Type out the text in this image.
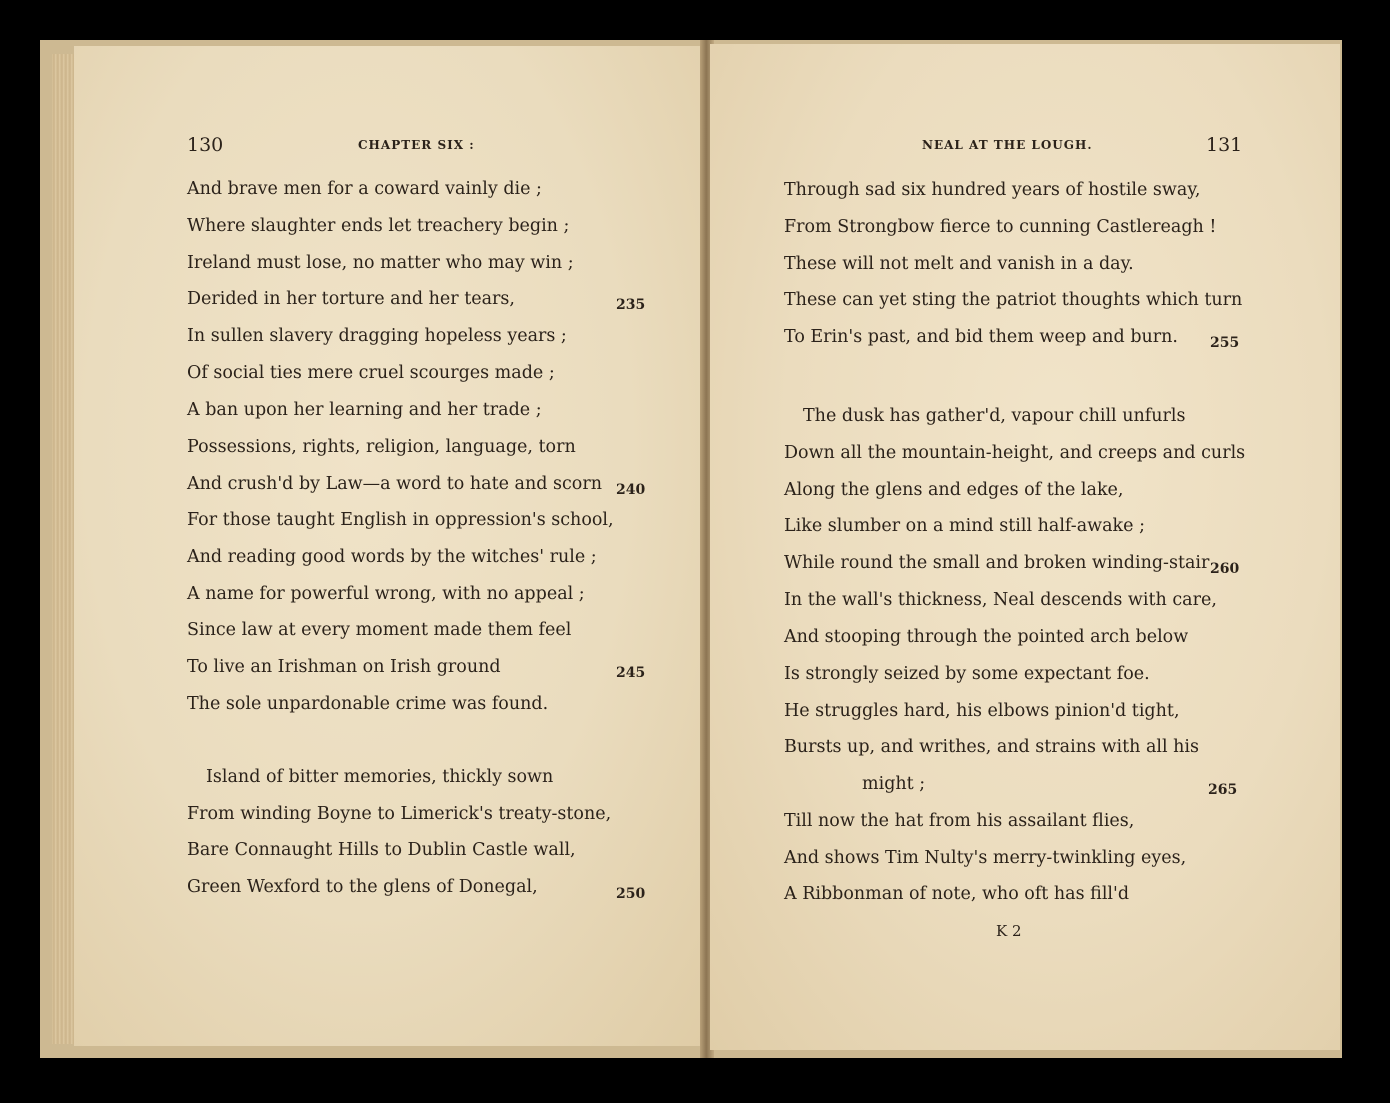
130	CHAPTER SIX :
And brave men for a coward vainly die ;
Where slaughter ends let treachery begin ;
Ireland must lose, no matter who may win ;
Derided in her torture and her tears,	235
In sullen slavery dragging hopeless years ;
Of social ties mere cruel scourges made ;
A ban upon her learning and her trade ;
Possessions, rights, religion, language, torn
And crush'd by Law—a word to hate and scorn 240
For those taught English in oppression's school,
And reading good words by the witches' rule ;
A name for powerful wrong, with no appeal ;
Since law at every moment made them feel
To live an Irishman on Irish ground	245
The sole unpardonable crime was found.
Island of bitter memories, thickly sown
From winding Boyne to Limerick's treaty-stone,
Bare Connaught Hills to Dublin Castle wall,
Green Wexford to the glens of Donegal,	250
NEAL AT THE LOUGH.	131
Through sad six hundred years of hostile sway,
From Strongbow fierce to cunning Castlereagh !
These will not melt and vanish in a day.
These can yet sting the patriot thoughts which turn
To Erin's past, and bid them weep and burn. 255
The dusk has gather'd, vapour chill unfurls
Down all the mountain-height, and creeps and curls
Along the glens and edges of the lake,
Like slumber on a mind still half-awake ;
While round the small and broken winding-stair 260
In the wall's thickness, Neal descends with care,
And stooping through the pointed arch below
Is strongly seized by some expectant foe.
He struggles hard, his elbows pinion'd tight,
Bursts up, and writhes, and strains with all his
might ;	265
Till now the hat from his assailant flies,
And shows Tim Nulty's merry-twinkling eyes,
A Ribbonman of note, who oft has fill'd
K 2
